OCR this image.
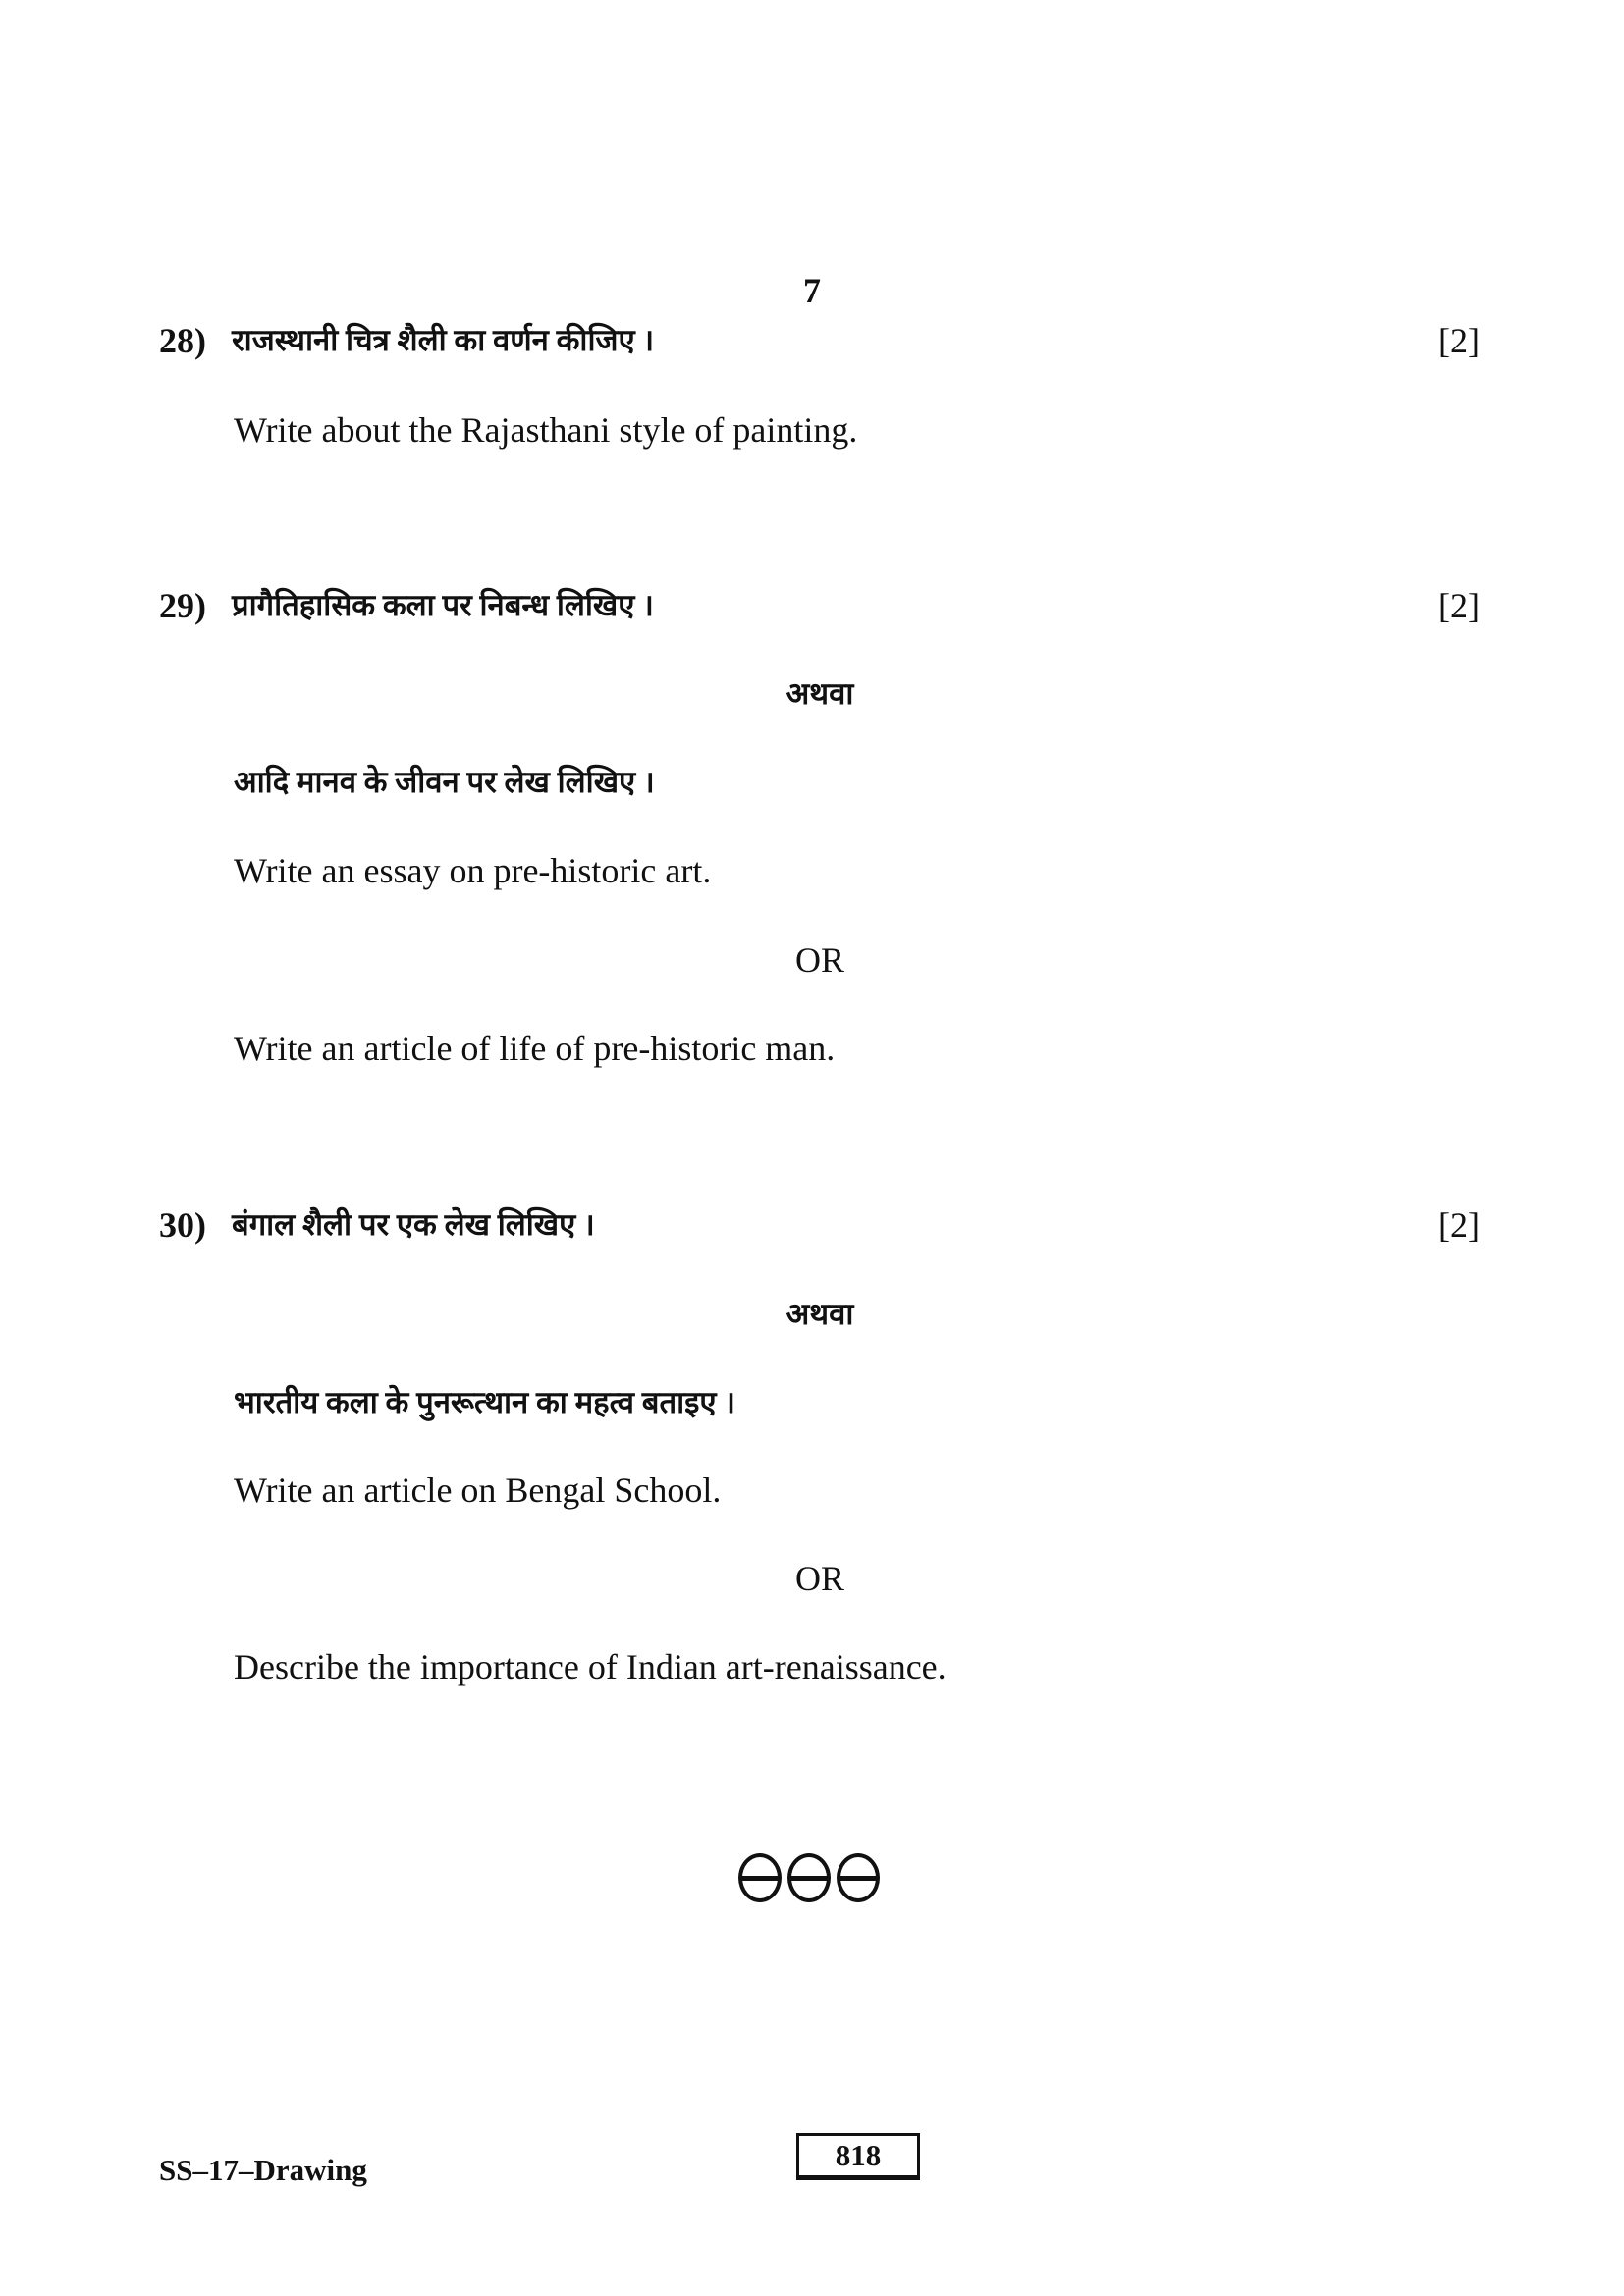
7
28) राजस्थानी चित्र शैली का वर्णन कीजिए ।	[2]
Write about the Rajasthani style of painting.
29) प्रागैतिहासिक कला पर निबन्ध लिखिए ।	[2]
अथवा
आदि मानव के जीवन पर लेख लिखिए ।
Write an essay on pre-historic art.
OR
Write an article of life of pre-historic man.
30) बंगाल शैली पर एक लेख लिखिए ।	[2]
अथवा
भारतीय कला के पुनरूत्थान का महत्व बताइए ।
Write an article on Bengal School.
OR
Describe the importance of Indian art-renaissance.
SS–17–Drawing	818
